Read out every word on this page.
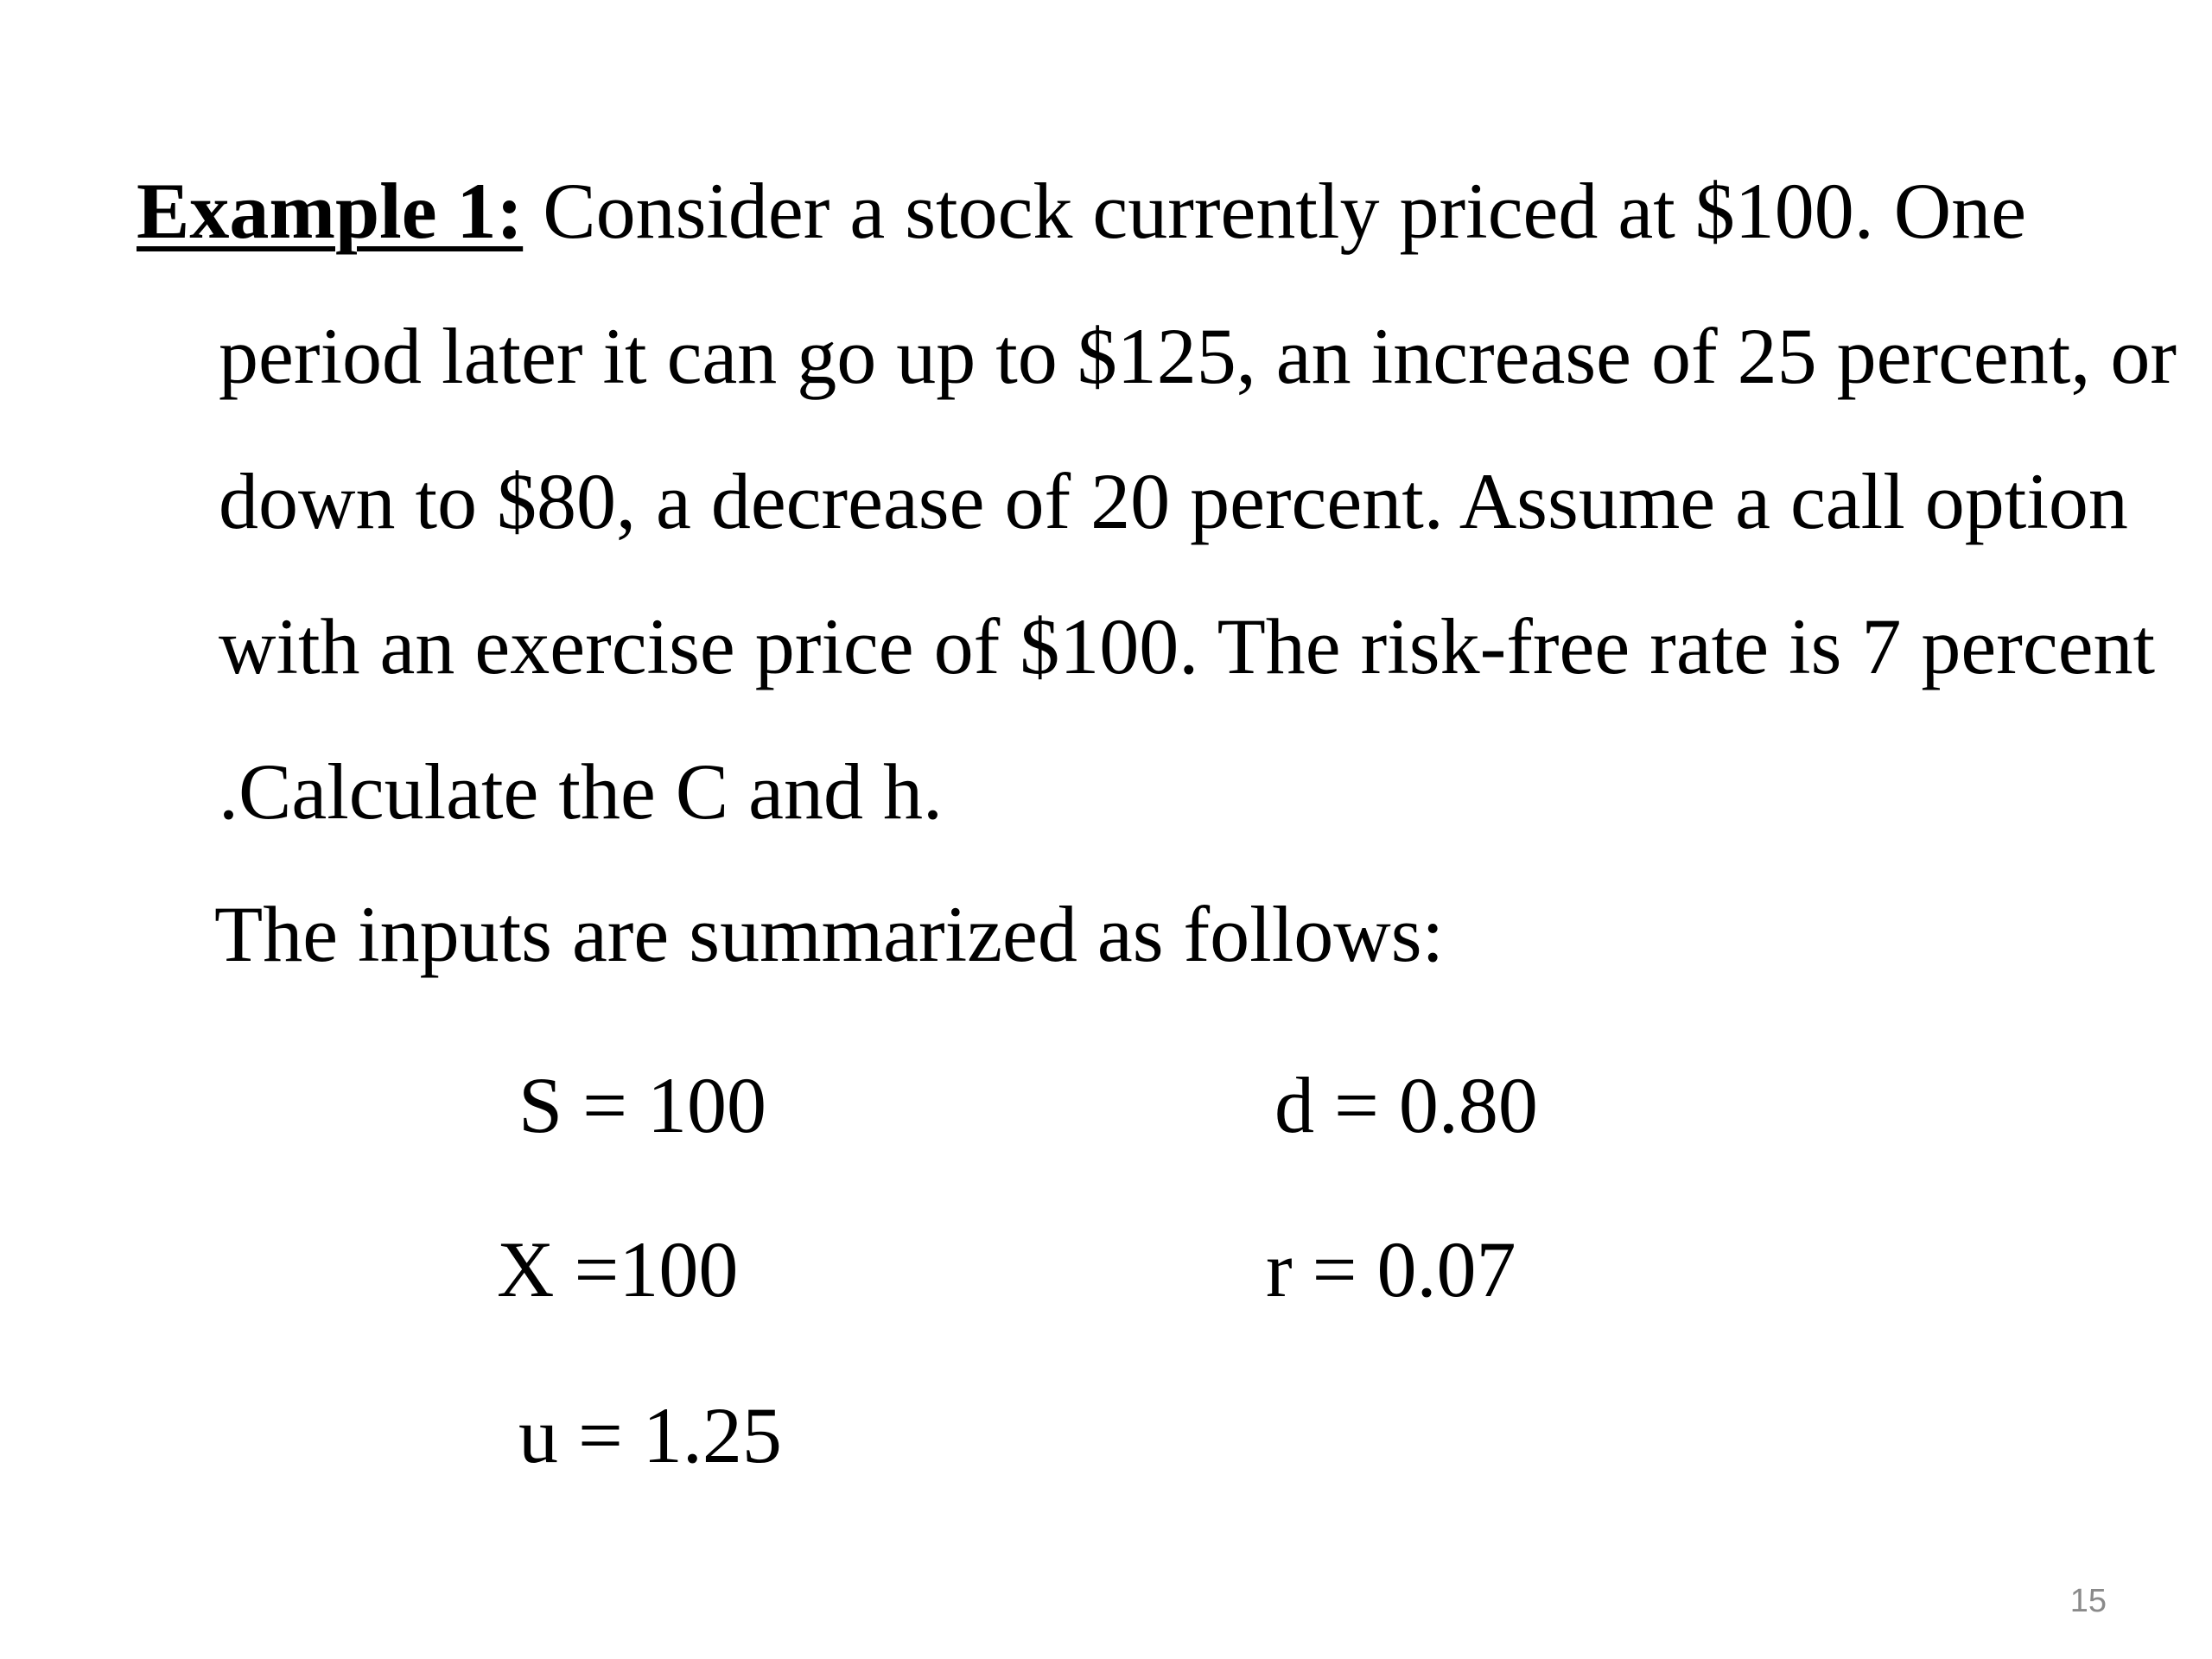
Example 1: Consider a stock currently priced at $100. One period later it can go up to $125, an increase of 25 percent, or down to $80, a decrease of 20 percent. Assume a call option with an exercise price of $100. The risk-free rate is 7 percent .Calculate the C and h.

The inputs are summarized as follows:

S = 100	d = 0.80

X =100	r = 0.07

u = 1.25

15
